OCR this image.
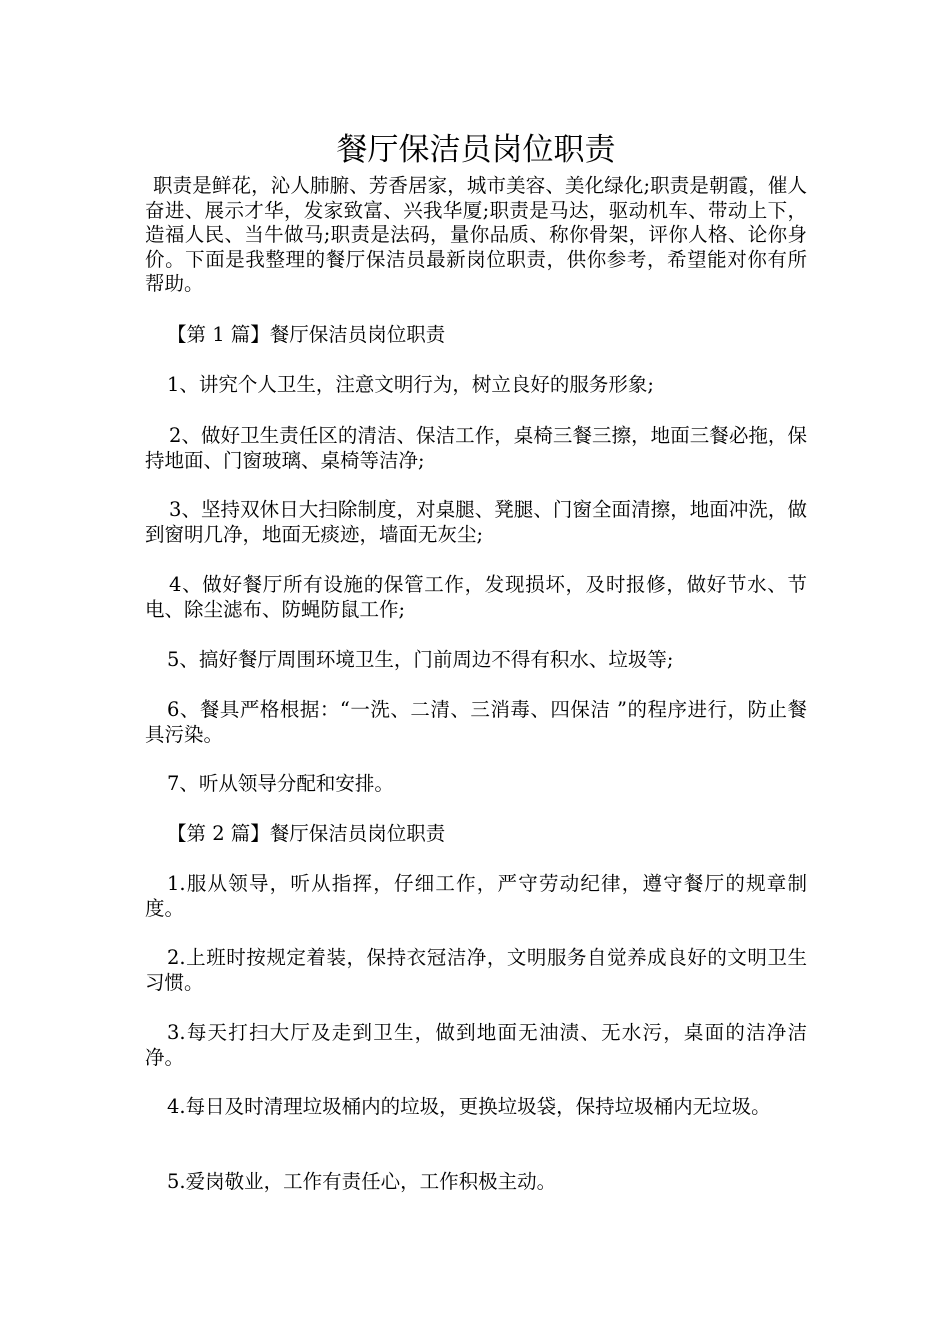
餐厅保洁员岗位职责

职责是鲜花，沁人肺腑、芳香居家，城市美容、美化绿化;职责是朝霞，催人奋进、展示才华，发家致富、兴我华厦;职责是马达，驱动机车、带动上下，造福人民、当牛做马;职责是法码，量你品质、称你骨架，评你人格、论你身价。下面是我整理的餐厅保洁员最新岗位职责，供你参考，希望能对你有所帮助。

【第 1 篇】餐厅保洁员岗位职责

1、讲究个人卫生，注意文明行为，树立良好的服务形象;

2、做好卫生责任区的清洁、保洁工作，桌椅三餐三擦，地面三餐必拖，保持地面、门窗玻璃、桌椅等洁净;

3、坚持双休日大扫除制度，对桌腿、凳腿、门窗全面清擦，地面冲洗，做到窗明几净，地面无痰迹，墙面无灰尘;

4、做好餐厅所有设施的保管工作，发现损坏，及时报修，做好节水、节电、除尘滤布、防蝇防鼠工作;

5、搞好餐厅周围环境卫生，门前周边不得有积水、垃圾等;

6、餐具严格根据：“一洗、二清、三消毒、四保洁 ”的程序进行，防止餐具污染。

7、听从领导分配和安排。

【第 2 篇】餐厅保洁员岗位职责

1.服从领导，听从指挥，仔细工作，严守劳动纪律，遵守餐厅的规章制度。

2.上班时按规定着装，保持衣冠洁净，文明服务自觉养成良好的文明卫生习惯。

3.每天打扫大厅及走到卫生，做到地面无油渍、无水污，桌面的洁净洁净。

4.每日及时清理垃圾桶内的垃圾，更换垃圾袋，保持垃圾桶内无垃圾。

5.爱岗敬业，工作有责任心，工作积极主动。
